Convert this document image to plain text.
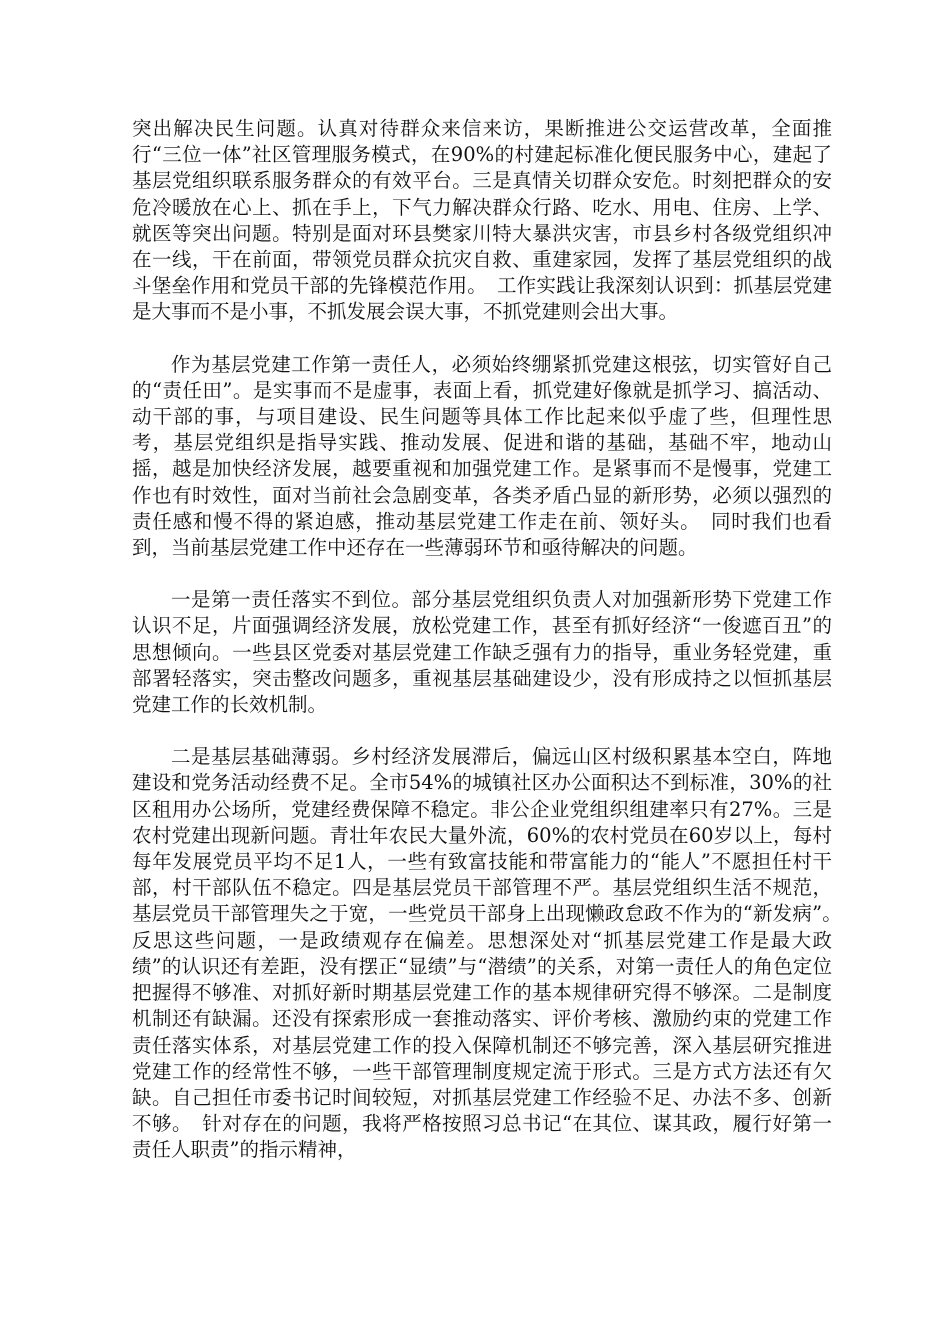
突出解决民生问题。认真对待群众来信来访，果断推进公交运营改革，全面推行“三位一体”社区管理服务模式，在90%的村建起标准化便民服务中心，建起了基层党组织联系服务群众的有效平台。三是真情关切群众安危。时刻把群众的安危冷暖放在心上、抓在手上，下气力解决群众行路、吃水、用电、住房、上学、就医等突出问题。特别是面对环县樊家川特大暴洪灾害，市县乡村各级党组织冲在一线，干在前面，带领党员群众抗灾自救、重建家园，发挥了基层党组织的战斗堡垒作用和党员干部的先锋模范作用。　工作实践让我深刻认识到：抓基层党建是大事而不是小事，不抓发展会误大事，不抓党建则会出大事。

作为基层党建工作第一责任人，必须始终绷紧抓党建这根弦，切实管好自己的“责任田”。是实事而不是虚事，表面上看，抓党建好像就是抓学习、搞活动、动干部的事，与项目建设、民生问题等具体工作比起来似乎虚了些，但理性思考，基层党组织是指导实践、推动发展、促进和谐的基础，基础不牢，地动山摇，越是加快经济发展，越要重视和加强党建工作。是紧事而不是慢事，党建工作也有时效性，面对当前社会急剧变革，各类矛盾凸显的新形势，必须以强烈的责任感和慢不得的紧迫感，推动基层党建工作走在前、领好头。　同时我们也看到，当前基层党建工作中还存在一些薄弱环节和亟待解决的问题。

一是第一责任落实不到位。部分基层党组织负责人对加强新形势下党建工作认识不足，片面强调经济发展，放松党建工作，甚至有抓好经济“一俊遮百丑”的思想倾向。一些县区党委对基层党建工作缺乏强有力的指导，重业务轻党建，重部署轻落实，突击整改问题多，重视基层基础建设少，没有形成持之以恒抓基层党建工作的长效机制。

二是基层基础薄弱。乡村经济发展滞后，偏远山区村级积累基本空白，阵地建设和党务活动经费不足。全市54%的城镇社区办公面积达不到标准，30%的社区租用办公场所，党建经费保障不稳定。非公企业党组织组建率只有27%。三是农村党建出现新问题。青壮年农民大量外流，60%的农村党员在60岁以上，每村每年发展党员平均不足1人，一些有致富技能和带富能力的“能人”不愿担任村干部，村干部队伍不稳定。四是基层党员干部管理不严。基层党组织生活不规范，基层党员干部管理失之于宽，一些党员干部身上出现懒政怠政不作为的“新发病”。　反思这些问题，一是政绩观存在偏差。思想深处对“抓基层党建工作是最大政绩”的认识还有差距，没有摆正“显绩”与“潜绩”的关系，对第一责任人的角色定位把握得不够准、对抓好新时期基层党建工作的基本规律研究得不够深。二是制度机制还有缺漏。还没有探索形成一套推动落实、评价考核、激励约束的党建工作责任落实体系，对基层党建工作的投入保障机制还不够完善，深入基层研究推进党建工作的经常性不够，一些干部管理制度规定流于形式。三是方式方法还有欠缺。自己担任市委书记时间较短，对抓基层党建工作经验不足、办法不多、创新不够。　针对存在的问题，我将严格按照习总书记“在其位、谋其政，履行好第一责任人职责”的指示精神，
